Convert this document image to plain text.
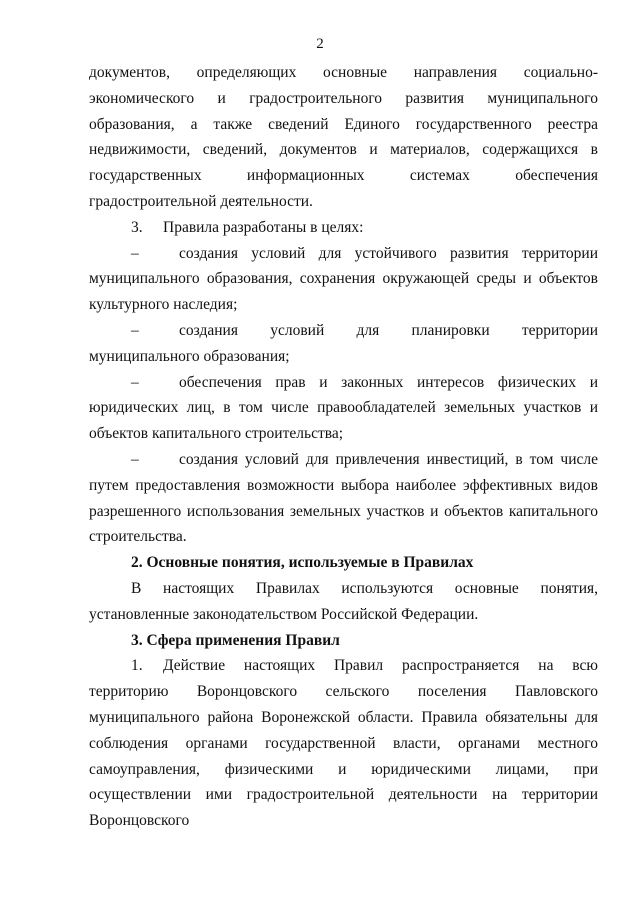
2

документов, определяющих основные направления социально-экономического и градостроительного развития муниципального образования, а также сведений Единого государственного реестра недвижимости, сведений, документов и материалов, содержащихся в государственных информационных системах обеспечения градостроительной деятельности.

3. Правила разработаны в целях:

–	создания условий для устойчивого развития территории муниципального образования, сохранения окружающей среды и объектов культурного наследия;

–	создания условий для планировки территории муниципального образования;

–	обеспечения прав и законных интересов физических и юридических лиц, в том числе правообладателей земельных участков и объектов капитального строительства;

–	создания условий для привлечения инвестиций, в том числе путем предоставления возможности выбора наиболее эффективных видов разрешенного использования земельных участков и объектов капитального строительства.

2. Основные понятия, используемые в Правилах

В настоящих Правилах используются основные понятия, установленные законодательством Российской Федерации.

3. Сфера применения Правил

1. Действие настоящих Правил распространяется на всю территорию Воронцовского сельского поселения Павловского муниципального района Воронежской области. Правила обязательны для соблюдения органами государственной власти, органами местного самоуправления, физическими и юридическими лицами, при осуществлении ими градостроительной деятельности на территории Воронцовского
